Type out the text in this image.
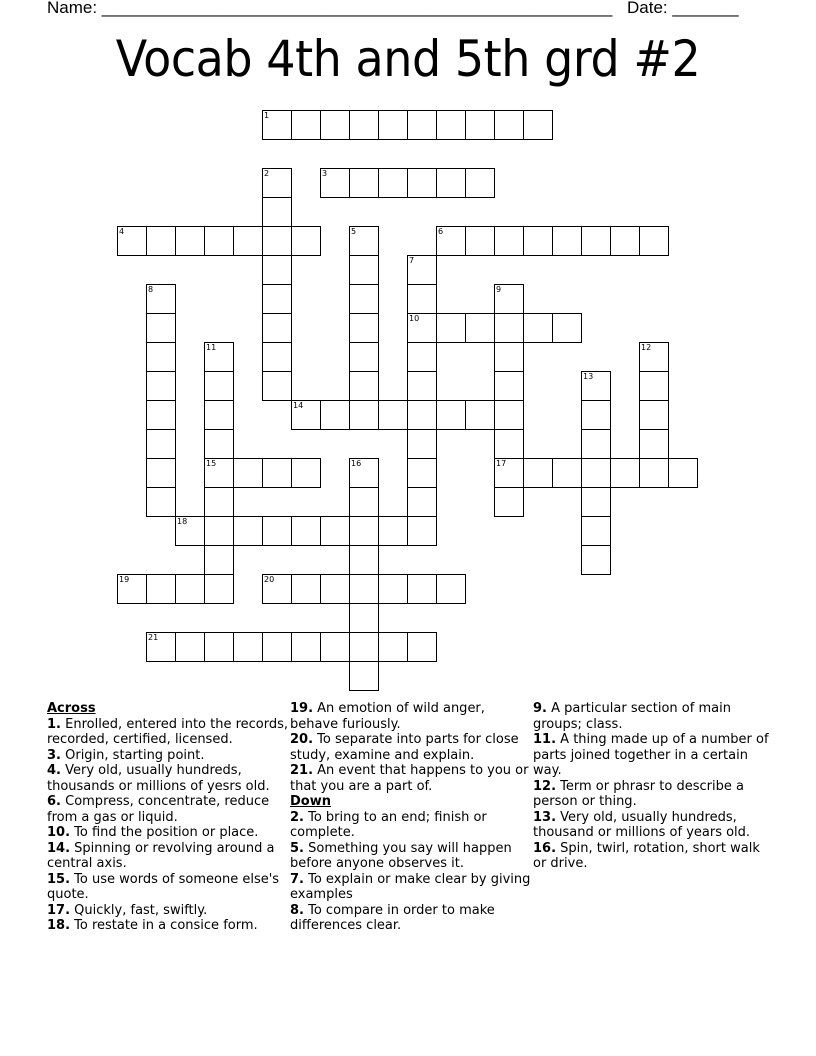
Name: ______________________________________________________ Date: _______
Vocab 4th and 5th grd #2
1
2	3
4	5	6
7
8	9
10
11	12
13
14
15	16	17
18
19	20
21
Across
1. Enrolled, entered into the records, recorded, certified, licensed.
3. Origin, starting point.
4. Very old, usually hundreds, thousands or millions of yesrs old.
6. Compress, concentrate, reduce from a gas or liquid.
10. To find the position or place.
14. Spinning or revolving around a central axis.
15. To use words of someone else's quote.
17. Quickly, fast, swiftly.
18. To restate in a consice form.
19. An emotion of wild anger, behave furiously.
20. To separate into parts for close study, examine and explain.
21. An event that happens to you or that you are a part of.
Down
2. To bring to an end; finish or complete.
5. Something you say will happen before anyone observes it.
7. To explain or make clear by giving examples
8. To compare in order to make differences clear.
9. A particular section of main groups; class.
11. A thing made up of a number of parts joined together in a certain way.
12. Term or phrasr to describe a person or thing.
13. Very old, usually hundreds, thousand or millions of years old.
16. Spin, twirl, rotation, short walk or drive.
